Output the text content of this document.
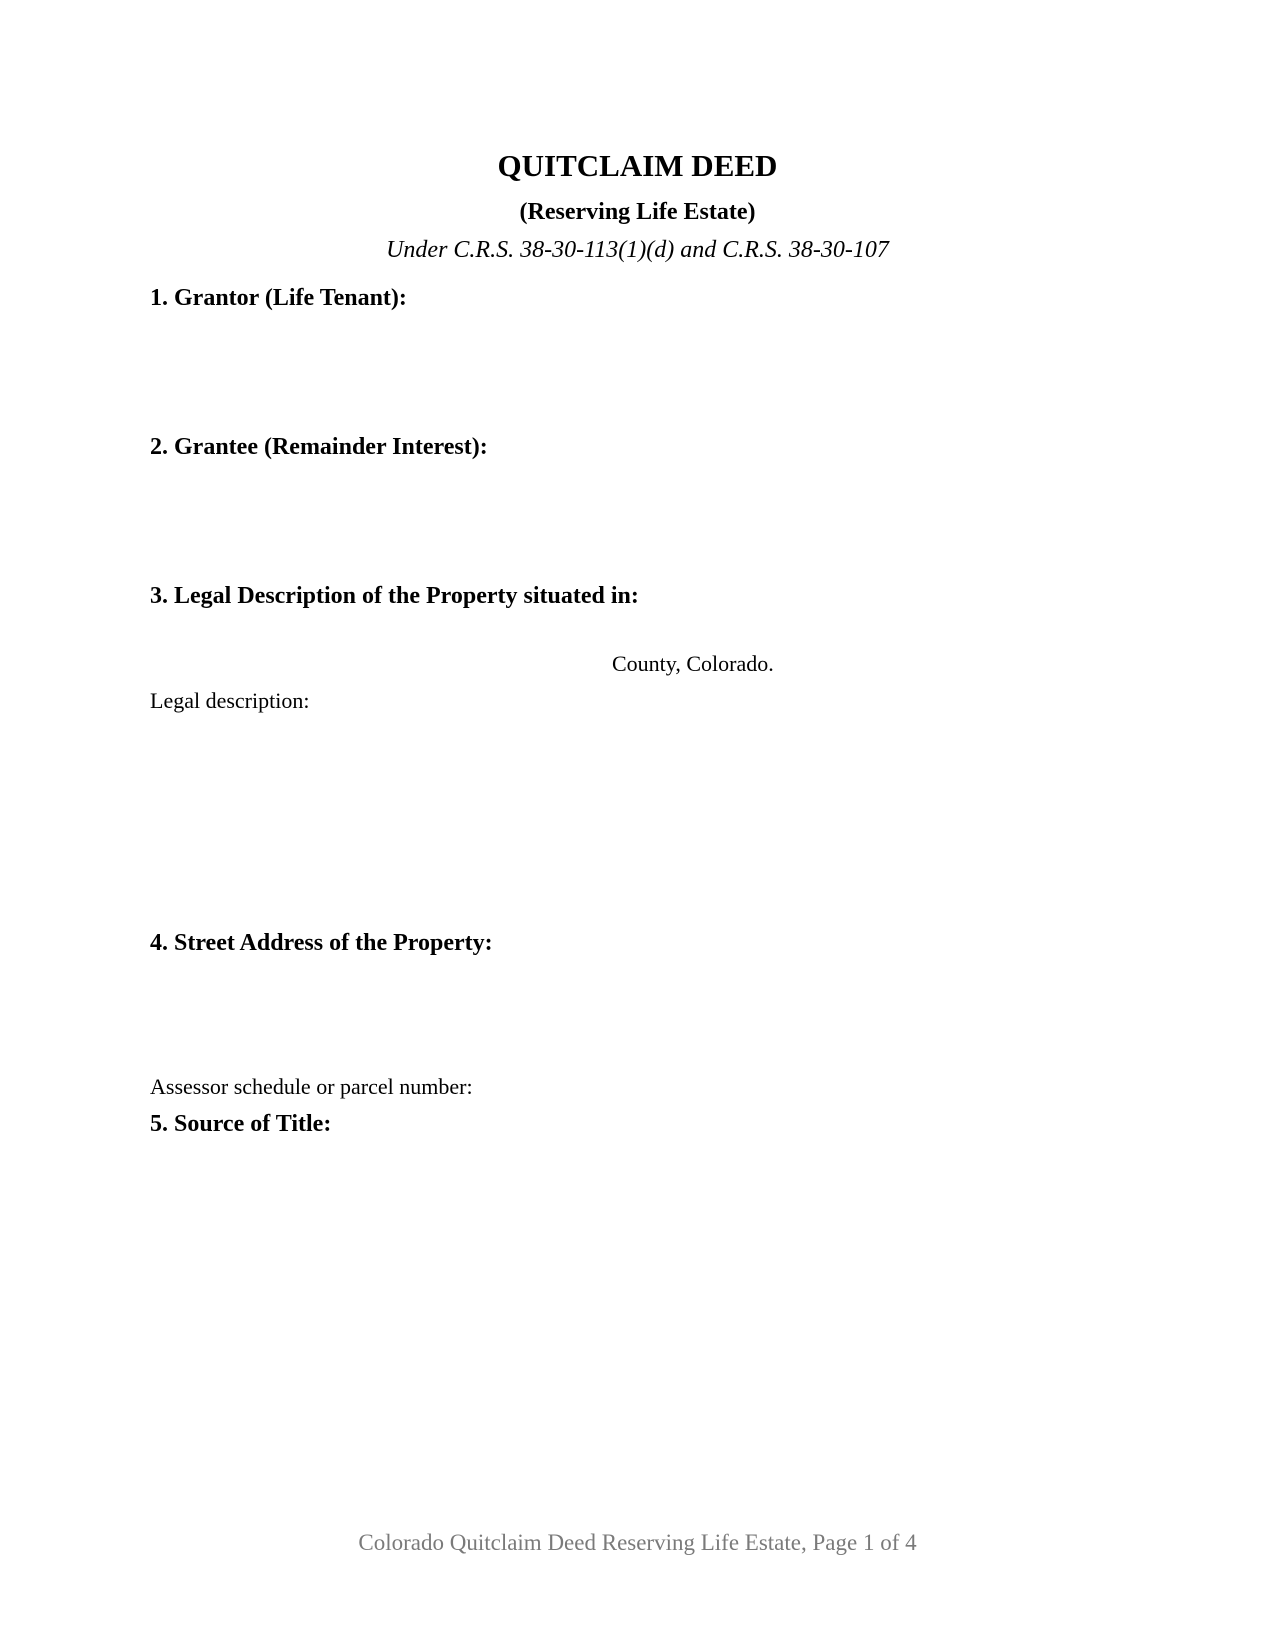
QUITCLAIM DEED
(Reserving Life Estate)
Under C.R.S. 38-30-113(1)(d) and C.R.S. 38-30-107
1. Grantor (Life Tenant):
2. Grantee (Remainder Interest):
3. Legal Description of the Property situated in:
County, Colorado.
Legal description:
4. Street Address of the Property:
Assessor schedule or parcel number:
5. Source of Title:
Colorado Quitclaim Deed Reserving Life Estate, Page 1 of 4
